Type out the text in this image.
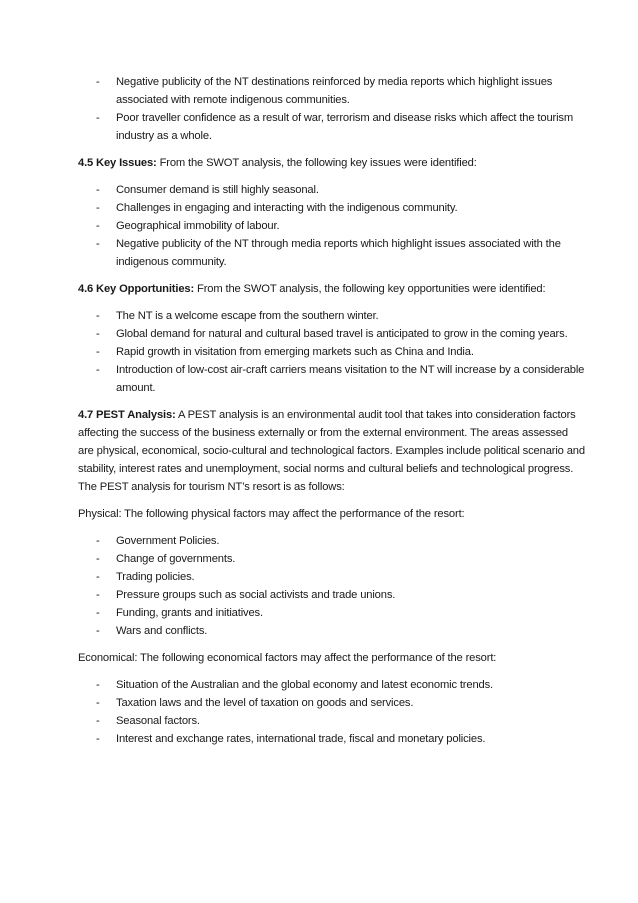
- Negative publicity of the NT destinations reinforced by media reports which highlight issues associated with remote indigenous communities.
- Poor traveller confidence as a result of war, terrorism and disease risks which affect the tourism industry as a whole.

4.5 Key Issues: From the SWOT analysis, the following key issues were identified:

- Consumer demand is still highly seasonal.
- Challenges in engaging and interacting with the indigenous community.
- Geographical immobility of labour.
- Negative publicity of the NT through media reports which highlight issues associated with the indigenous community.

4.6 Key Opportunities: From the SWOT analysis, the following key opportunities were identified:

- The NT is a welcome escape from the southern winter.
- Global demand for natural and cultural based travel is anticipated to grow in the coming years.
- Rapid growth in visitation from emerging markets such as China and India.
- Introduction of low-cost air-craft carriers means visitation to the NT will increase by a considerable amount.

4.7 PEST Analysis: A PEST analysis is an environmental audit tool that takes into consideration factors affecting the success of the business externally or from the external environment. The areas assessed are physical, economical, socio-cultural and technological factors. Examples include political scenario and stability, interest rates and unemployment, social norms and cultural beliefs and technological progress. The PEST analysis for tourism NT’s resort is as follows:

Physical: The following physical factors may affect the performance of the resort:

- Government Policies.
- Change of governments.
- Trading policies.
- Pressure groups such as social activists and trade unions.
- Funding, grants and initiatives.
- Wars and conflicts.

Economical: The following economical factors may affect the performance of the resort:

- Situation of the Australian and the global economy and latest economic trends.
- Taxation laws and the level of taxation on goods and services.
- Seasonal factors.
- Interest and exchange rates, international trade, fiscal and monetary policies.
